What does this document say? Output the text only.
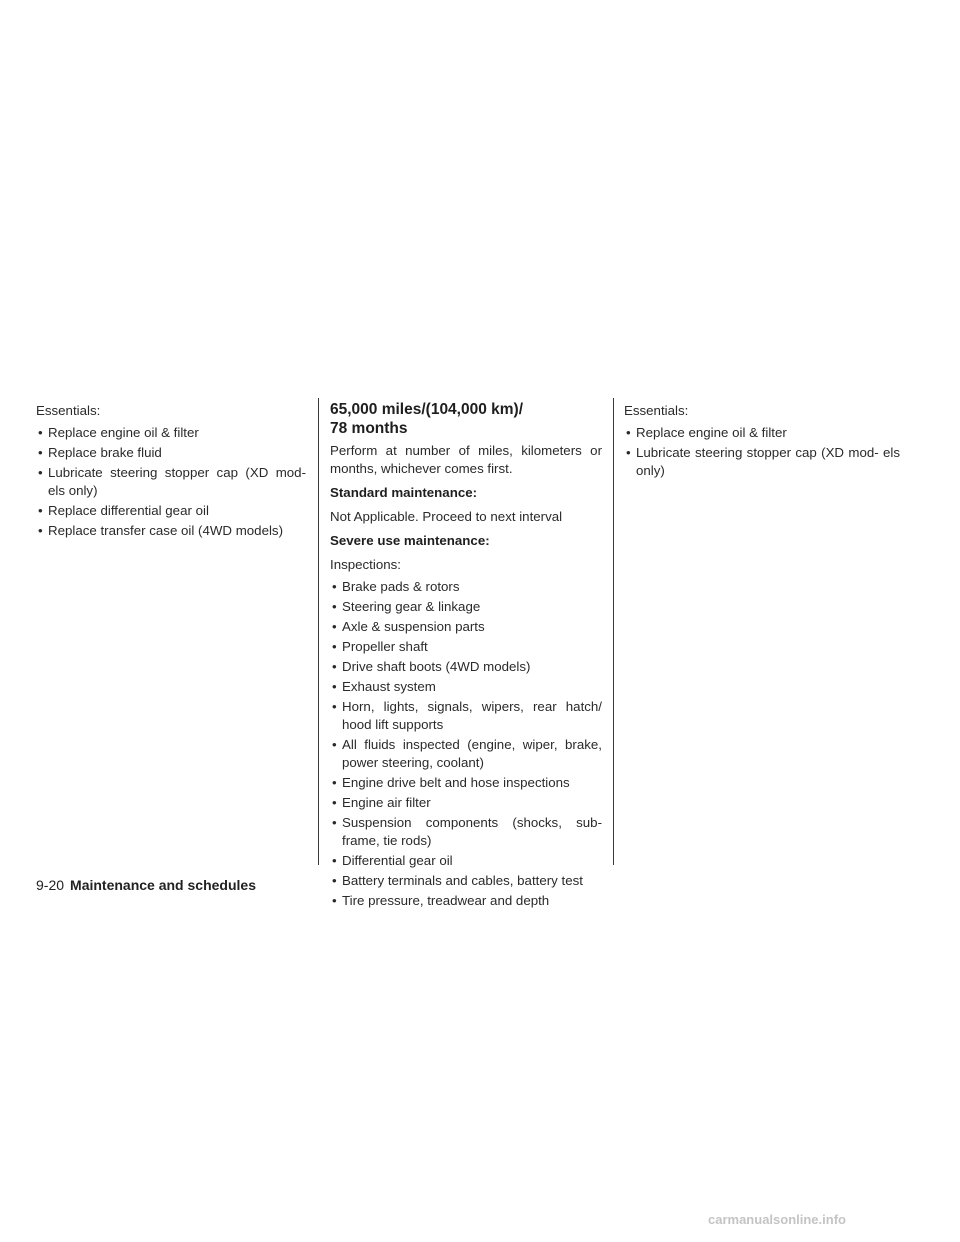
Essentials:

• Replace engine oil & filter
• Replace brake fluid
• Lubricate steering stopper cap (XD mod- els only)
• Replace differential gear oil
• Replace transfer case oil (4WD models)
65,000 miles/(104,000 km)/
78 months

Perform at number of miles, kilometers or months, whichever comes first.

Standard maintenance:

Not Applicable. Proceed to next interval

Severe use maintenance:

Inspections:

• Brake pads & rotors
• Steering gear & linkage
• Axle & suspension parts
• Propeller shaft
• Drive shaft boots (4WD models)
• Exhaust system
• Horn, lights, signals, wipers, rear hatch/ hood lift supports
• All fluids inspected (engine, wiper, brake, power steering, coolant)
• Engine drive belt and hose inspections
• Engine air filter
• Suspension components (shocks, sub- frame, tie rods)
• Differential gear oil
• Battery terminals and cables, battery test
• Tire pressure, treadwear and depth

Essentials:

• Replace engine oil & filter
• Lubricate steering stopper cap (XD mod- els only)
9-20 Maintenance and schedules
carmanualsonline.info
